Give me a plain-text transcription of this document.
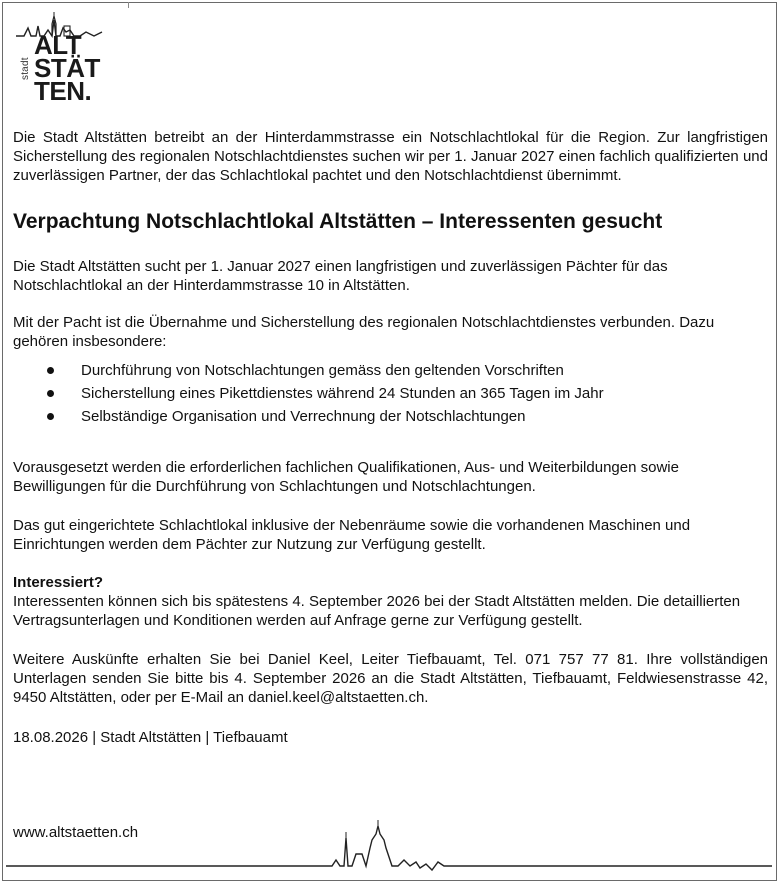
stadt
ALT
STÄT
TEN.

Die Stadt Altstätten betreibt an der Hinterdammstrasse ein Notschlachtlokal für die Region. Zur langfristigen Sicherstellung des regionalen Notschlachtdienstes suchen wir per 1. Januar 2027 einen fachlich qualifizierten und zuverlässigen Partner, der das Schlachtlokal pachtet und den Notschlachtdienst übernimmt.

Verpachtung Notschlachtlokal Altstätten – Interessenten gesucht

Die Stadt Altstätten sucht per 1. Januar 2027 einen langfristigen und zuverlässigen Pächter für das Notschlachtlokal an der Hinterdammstrasse 10 in Altstätten.

Mit der Pacht ist die Übernahme und Sicherstellung des regionalen Notschlachtdienstes verbunden. Dazu gehören insbesondere:

Durchführung von Notschlachtungen gemäss den geltenden Vorschriften
Sicherstellung eines Pikettdienstes während 24 Stunden an 365 Tagen im Jahr
Selbständige Organisation und Verrechnung der Notschlachtungen

Vorausgesetzt werden die erforderlichen fachlichen Qualifikationen, Aus- und Weiterbildungen sowie Bewilligungen für die Durchführung von Schlachtungen und Notschlachtungen.

Das gut eingerichtete Schlachtlokal inklusive der Nebenräume sowie die vorhandenen Maschinen und Einrichtungen werden dem Pächter zur Nutzung zur Verfügung gestellt.

Interessiert?

Interessenten können sich bis spätestens 4. September 2026 bei der Stadt Altstätten melden. Die detaillierten Vertragsunterlagen und Konditionen werden auf Anfrage gerne zur Verfügung gestellt.

Weitere Auskünfte erhalten Sie bei Daniel Keel, Leiter Tiefbauamt, Tel. 071 757 77 81. Ihre vollständigen Unterlagen senden Sie bitte bis 4. September 2026 an die Stadt Altstätten, Tiefbauamt, Feldwiesenstrasse 42, 9450 Altstätten, oder per E-Mail an daniel.keel@altstaetten.ch.

18.08.2026 | Stadt Altstätten | Tiefbauamt

www.altstaetten.ch
